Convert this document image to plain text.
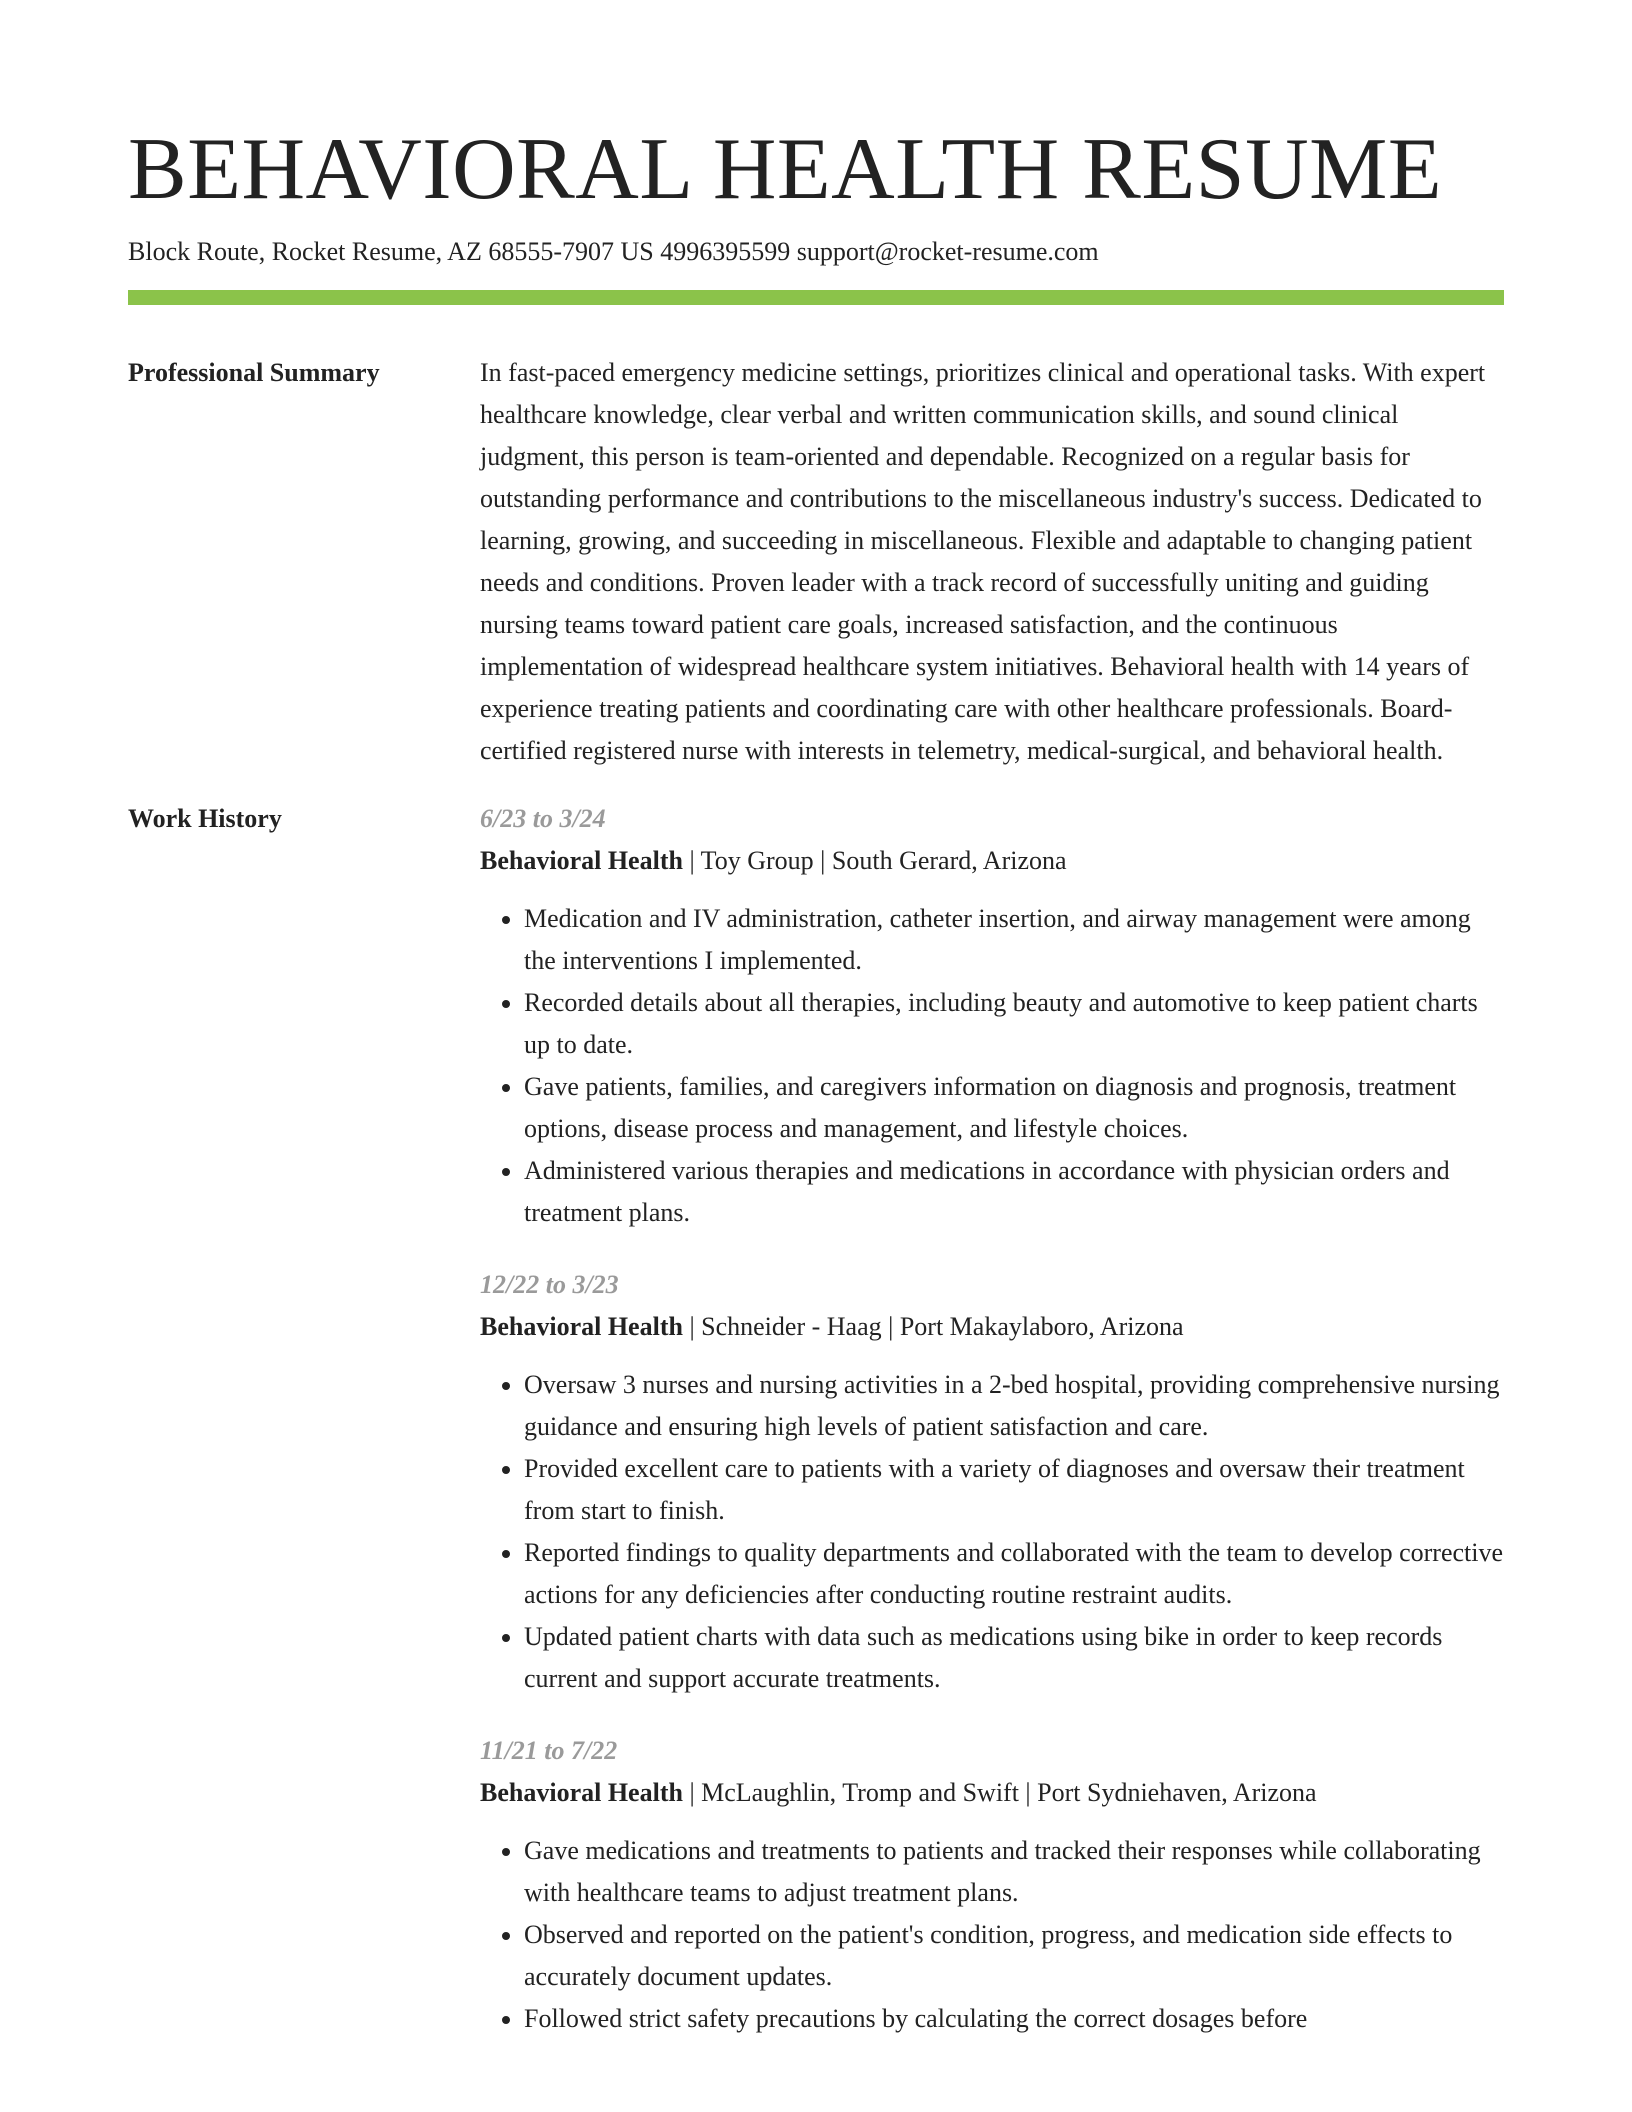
BEHAVIORAL HEALTH RESUME
Block Route, Rocket Resume, AZ 68555-7907 US 4996395599 support@rocket-resume.com
Professional Summary	In fast-paced emergency medicine settings, prioritizes clinical and operational tasks. With expert healthcare knowledge, clear verbal and written communication skills, and sound clinical judgment, this person is team-oriented and dependable. Recognized on a regular basis for outstanding performance and contributions to the miscellaneous industry's success. Dedicated to learning, growing, and succeeding in miscellaneous. Flexible and adaptable to changing patient needs and conditions. Proven leader with a track record of successfully uniting and guiding nursing teams toward patient care goals, increased satisfaction, and the continuous implementation of widespread healthcare system initiatives. Behavioral health with 14 years of experience treating patients and coordinating care with other healthcare professionals. Board-certified registered nurse with interests in telemetry, medical-surgical, and behavioral health.
Work History	6/23 to 3/24
Behavioral Health | Toy Group | South Gerard, Arizona
• Medication and IV administration, catheter insertion, and airway management were among the interventions I implemented.
• Recorded details about all therapies, including beauty and automotive to keep patient charts up to date.
• Gave patients, families, and caregivers information on diagnosis and prognosis, treatment options, disease process and management, and lifestyle choices.
• Administered various therapies and medications in accordance with physician orders and treatment plans.
12/22 to 3/23
Behavioral Health | Schneider - Haag | Port Makaylaboro, Arizona
• Oversaw 3 nurses and nursing activities in a 2-bed hospital, providing comprehensive nursing guidance and ensuring high levels of patient satisfaction and care.
• Provided excellent care to patients with a variety of diagnoses and oversaw their treatment from start to finish.
• Reported findings to quality departments and collaborated with the team to develop corrective actions for any deficiencies after conducting routine restraint audits.
• Updated patient charts with data such as medications using bike in order to keep records current and support accurate treatments.
11/21 to 7/22
Behavioral Health | McLaughlin, Tromp and Swift | Port Sydniehaven, Arizona
• Gave medications and treatments to patients and tracked their responses while collaborating with healthcare teams to adjust treatment plans.
• Observed and reported on the patient's condition, progress, and medication side effects to accurately document updates.
• Followed strict safety precautions by calculating the correct dosages before
